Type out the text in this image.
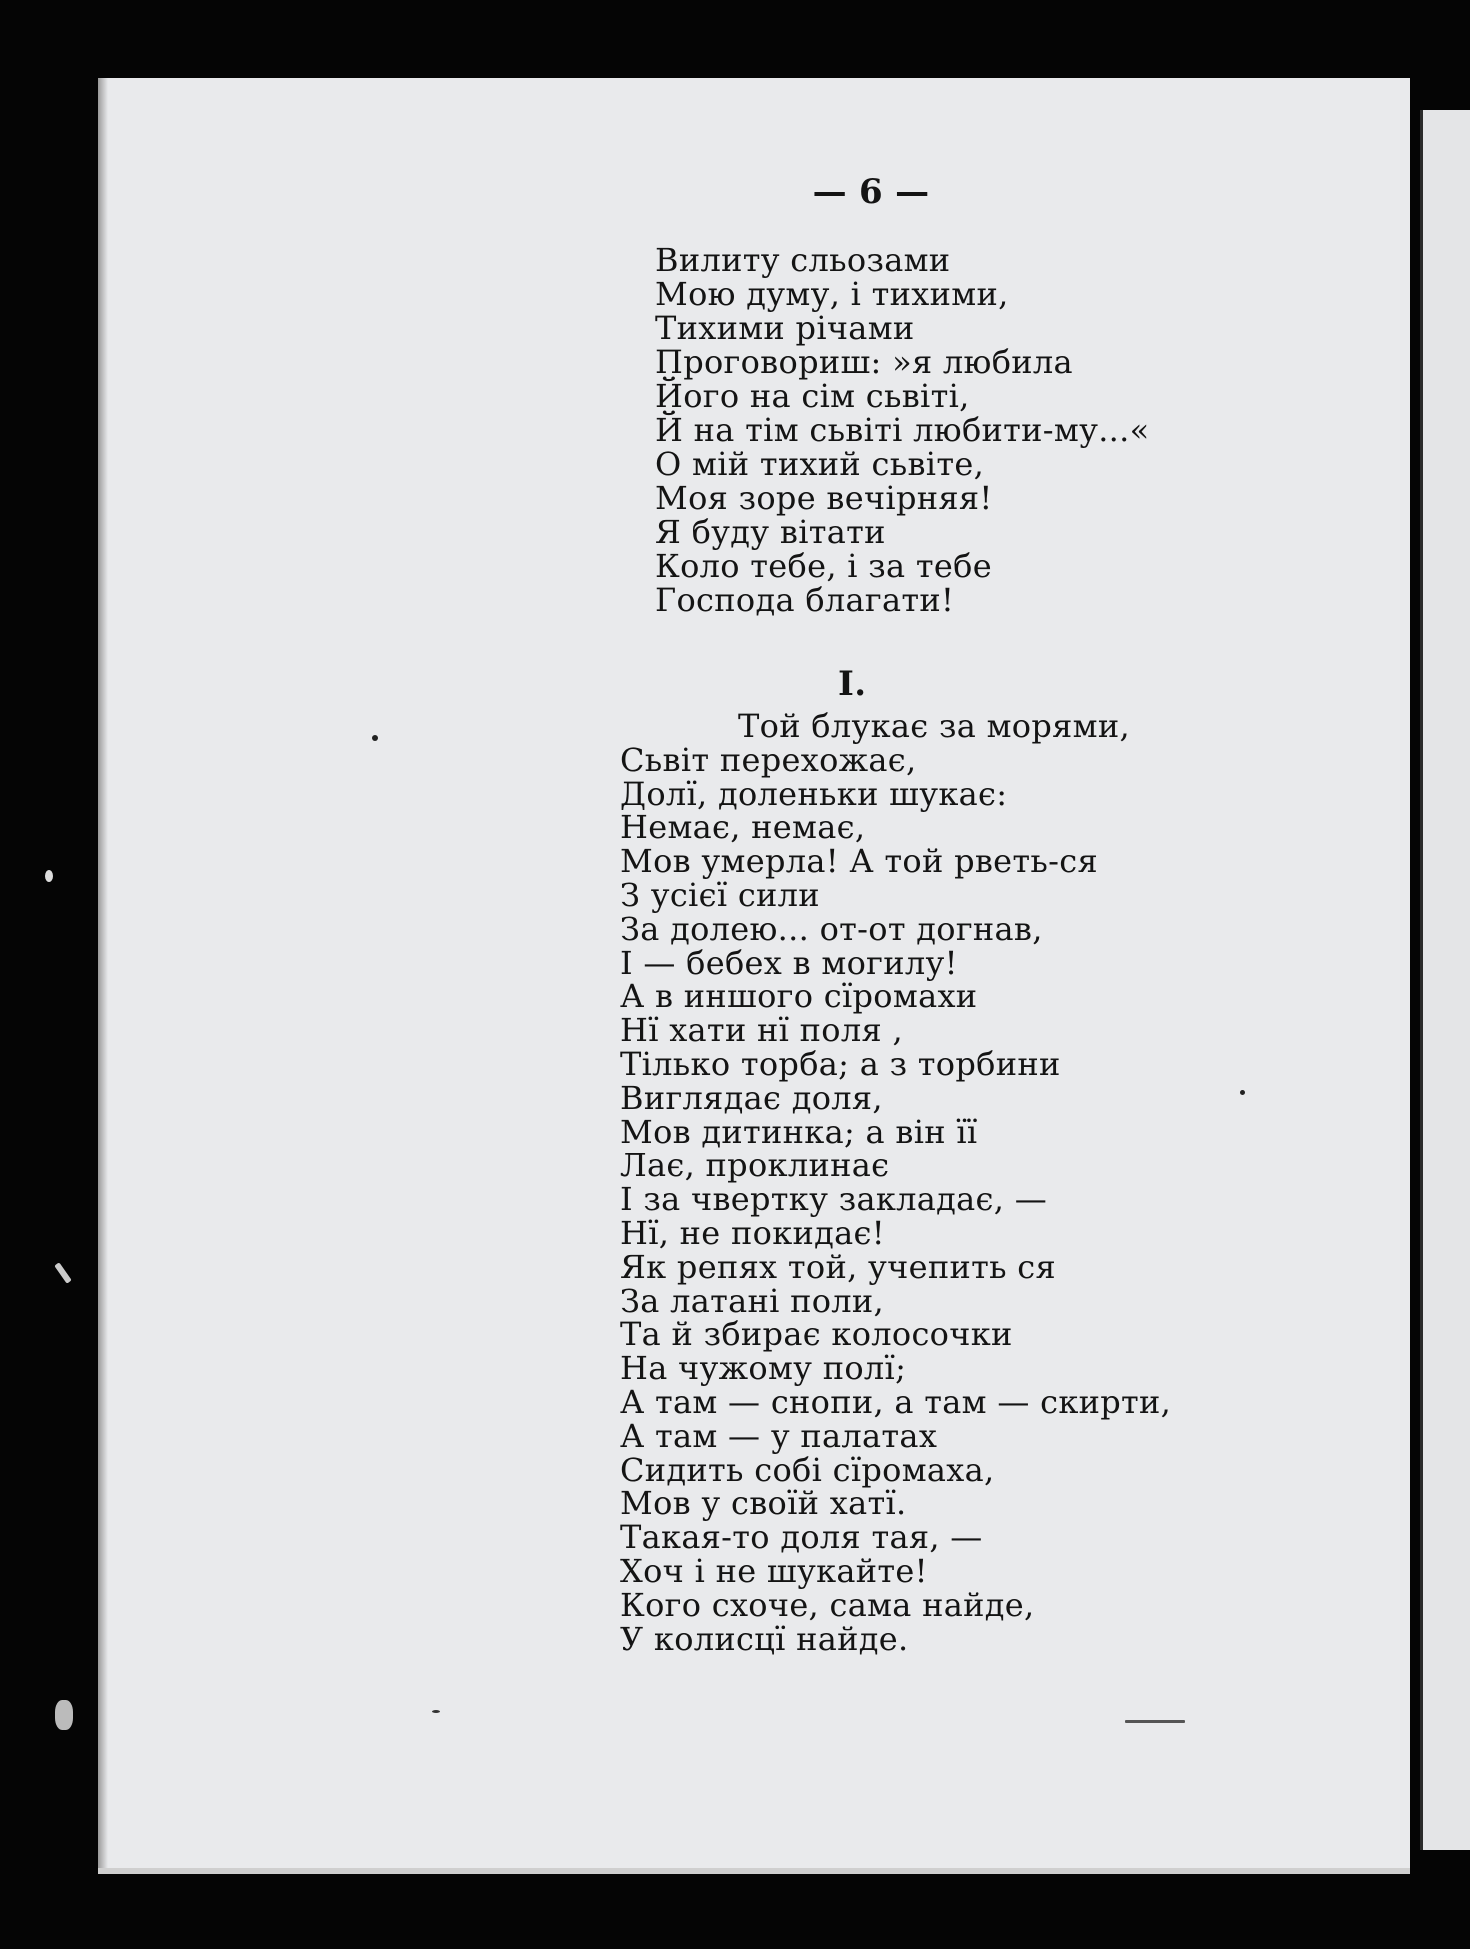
— 6 —
Вилиту сльозами
Мою думу, і тихими,
Тихими річами
Проговориш: »я любила
Його на сім сьвіті,
Й на тім сьвіті любити-му...«
О мій тихий сьвіте,
Моя зоре вечірняя!
Я буду вітати
Коло тебе, і за тебе
Господа благати!
I.
Той блукає за морями,
Сьвіт перехожає,
Долї, доленьки шукає:
Немає, немає,
Мов умерла! А той рветь-ся
З усієї сили
За долею... от-от догнав,
I — бебех в могилу!
А в иншого сїромахи
Нї хати нї поля ,
Тілько торба; а з торбини
Виглядає доля,
Мов дитинка; а він її
Лає, проклинає
I за чвертку закладає, —
Нї, не покидає!
Як репях той, учепить ся
За латані поли,
Та й збирає колосочки
На чужому полї;
А там — снопи, а там — скирти,
А там — у палатах
Сидить собі сїромаха,
Мов у своїй хатї.
Такая-то доля тая, —
Хоч і не шукайте!
Кого схоче, сама найде,
У колисцї найде.
